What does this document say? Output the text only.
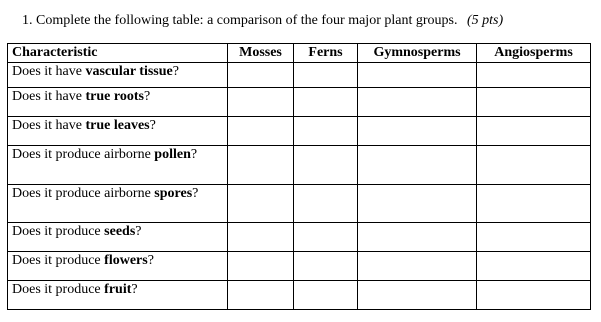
1. Complete the following table: a comparison of the four major plant groups. (5 pts)
Characteristic	Mosses	Ferns	Gymnosperms	Angiosperms
Does it have vascular tissue?				
Does it have true roots?				
Does it have true leaves?				
Does it produce airborne pollen?				
Does it produce airborne spores?				
Does it produce seeds?				
Does it produce flowers?				
Does it produce fruit?				
